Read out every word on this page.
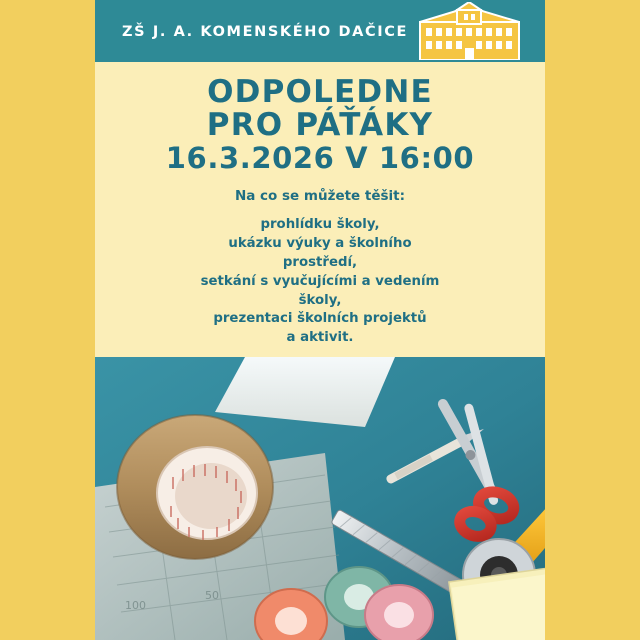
ZŠ J. A. KOMENSKÉHO DAČICE
ODPOLEDNE
PRO PÁŤÁKY
16.3.2026 V 16:00
Na co se můžete těšit:
prohlídku školy,
ukázku výuky a školního
prostředí,
setkání s vyučujícími a vedením
školy,
prezentaci školních projektů
a aktivit.
100
50
